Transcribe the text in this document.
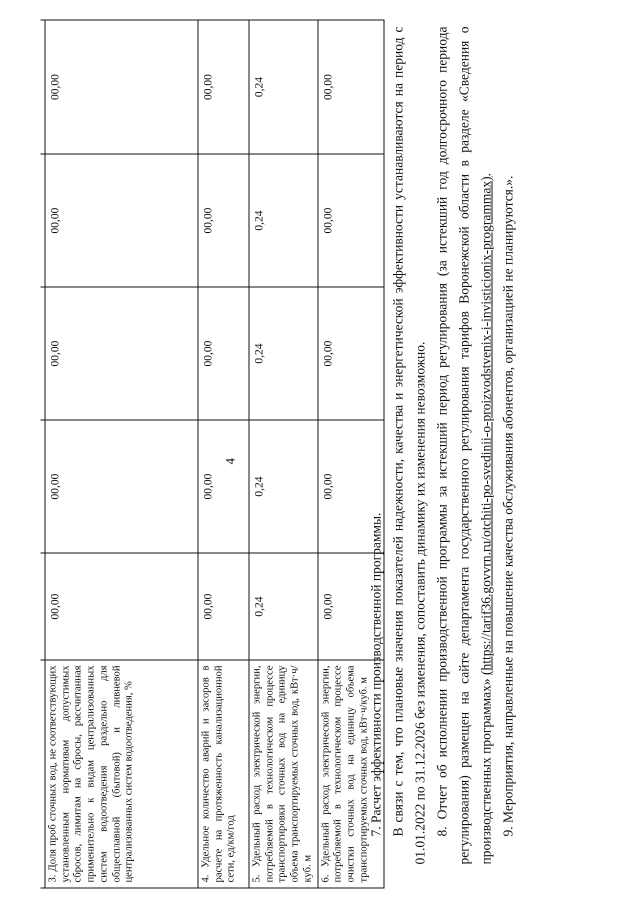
4

3. Доля проб сточных вод, не соответствующих установленным нормативам допустимых сбросов, лимитам на сбросы, рассчитанная применительно к видам централизованных систем водоотведения раздельно для общесплавной (бытовой) и ливневой централизованных систем водоотведения, %	00,00	00,00	00,00	00,00	00,00
4. Удельное количество аварий и засоров в расчете на протяженность канализационной сети, ед/км/год	00,00	00,00	00,00	00,00	00,00
5. Удельный расход электрической энергии, потребляемой в технологическом процессе транспортировки сточных вод на единицу объема транспортируемых сточных вод, кВт·ч/куб. м	0,24	0,24	0,24	0,24	0,24
6. Удельный расход электрической энергии, потребляемой в технологическом процессе очистки сточных вод на единицу объема транспортируемых сточных вод, кВт·ч/куб. м	00,00	00,00	00,00	00,00	00,00

7. Расчет эффективности производственной программы. В связи с тем, что плановые значения показателей надежности, качества и энергетической эффективности устанавливаются на период с 01.01.2022 по 31.12.2026 без изменения, сопоставить динамику их изменения невозможно. 8. Отчет об исполнении производственной программы за истекший период регулирования (за истекший год долгосрочного периода регулирования) размещен на сайте департамента государственного регулирования тарифов Воронежской области в разделе «Сведения о производственных программах» (https://tarif36.govvrn.ru/otchiti-po-svedinii-o-proizvodstvenix-i-invisticionix-programmax).

9. Мероприятия, направленные на повышение качества обслуживания абонентов, организацией не планируются.».
